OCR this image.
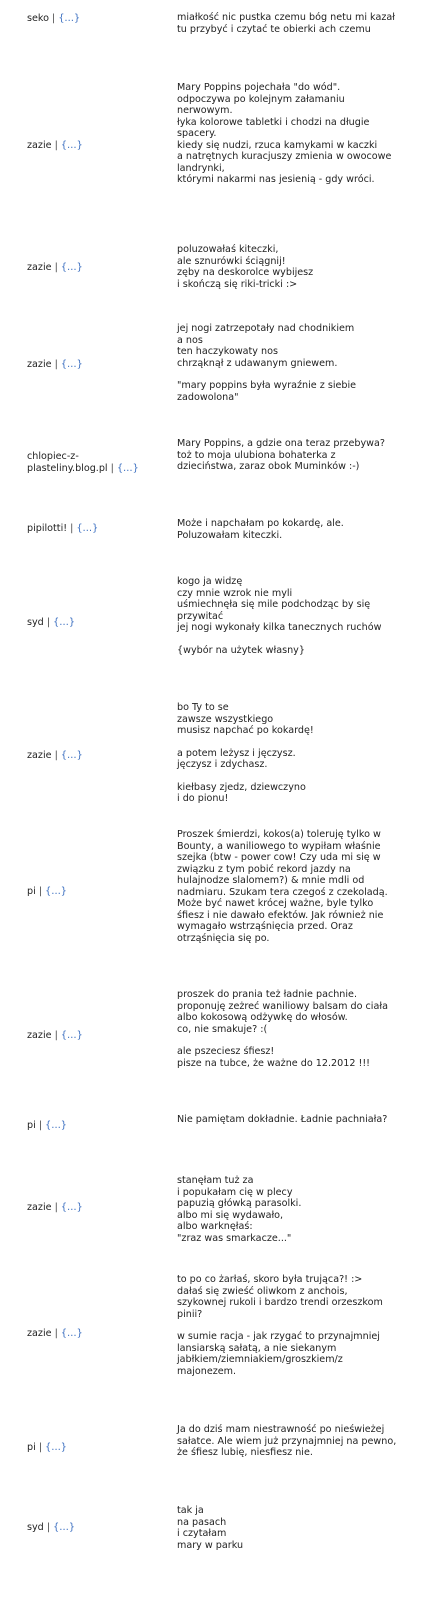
seko | {…}	miałkość nic pustka czemu bóg netu mi kazał tu przybyć i czytać te obierki ach czemu

zazie | {…}

Mary Poppins pojechała "do wód".
odpoczywa po kolejnym załamaniu nerwowym.
łyka kolorowe tabletki i chodzi na długie spacery.
kiedy się nudzi, rzuca kamykami w kaczki
a natrętnych kuracjuszy zmienia w owocowe landrynki,
którymi nakarmi nas jesienią - gdy wróci.

zazie | {…}

poluzowałaś kiteczki,
ale sznurówki ściągnij!
zęby na deskorolce wybijesz
i skończą się riki-tricki :>

zazie | {…}

jej nogi zatrzepotały nad chodnikiem
a nos
ten haczykowaty nos
chrząknął z udawanym gniewem.

"mary poppins była wyraźnie z siebie zadowolona"

chlopiec-z-plasteliny.blog.pl | {…}

Mary Poppins, a gdzie ona teraz przebywa?
toż to moja ulubiona bohaterka z dzieciństwa, zaraz obok Muminków :-)

pipilotti! | {…}	Może i napchałam po kokardę, ale. Poluzowałam kiteczki.

syd | {…}

kogo ja widzę
czy mnie wzrok nie myli
uśmiechnęła się mile podchodząc by się przywitać
jej nogi wykonały kilka tanecznych ruchów

{wybór na użytek własny}

zazie | {…}

bo Ty to se
zawsze wszystkiego
musisz napchać po kokardę!

a potem leżysz i jęczysz.
jęczysz i zdychasz.

kiełbasy zjedz, dziewczyno
i do pionu!

pi | {…}

Proszek śmierdzi, kokos(a) toleruję tylko w Bounty, a waniliowego to wypiłam właśnie szejka (btw - power cow! Czy uda mi się w związku z tym pobić rekord jazdy na hulajnodze slalomem?) & mnie mdli od nadmiaru. Szukam tera czegoś z czekoladą. Może być nawet krócej ważne, byle tylko śfiesz i nie dawało efektów. Jak również nie wymagało wstrząśnięcia przed. Oraz otrząśnięcia się po.

zazie | {…}

proszek do prania też ładnie pachnie.
proponuję zeżreć waniliowy balsam do ciała albo kokosową odżywkę do włosów.
co, nie smakuje? :(

ale pszeciesz śfiesz!
pisze na tubce, że ważne do 12.2012 !!!

pi | {…}

Nie pamiętam dokładnie. Ładnie pachniała?

zazie | {…}

stanęłam tuż za
i popukałam cię w plecy
papuzią główką parasolki.
albo mi się wydawało,
albo warknęłaś:
"zraz was smarkacze..."

zazie | {…}

to po co żarłaś, skoro była trująca?! :>
dałaś się zwieść oliwkom z anchois, szykownej rukoli i bardzo trendi orzeszkom pinii?

w sumie racja - jak rzygać to przynajmniej lansiarską sałatą, a nie siekanym jabłkiem/ziemniakiem/groszkiem/z majonezem.

pi | {…}

Ja do dziś mam niestrawność po nieświeżej sałatce. Ale wiem już przynajmniej na pewno, że śfiesz lubię, niesfiesz nie.

syd | {…}

tak ja
na pasach
i czytałam
mary w parku
